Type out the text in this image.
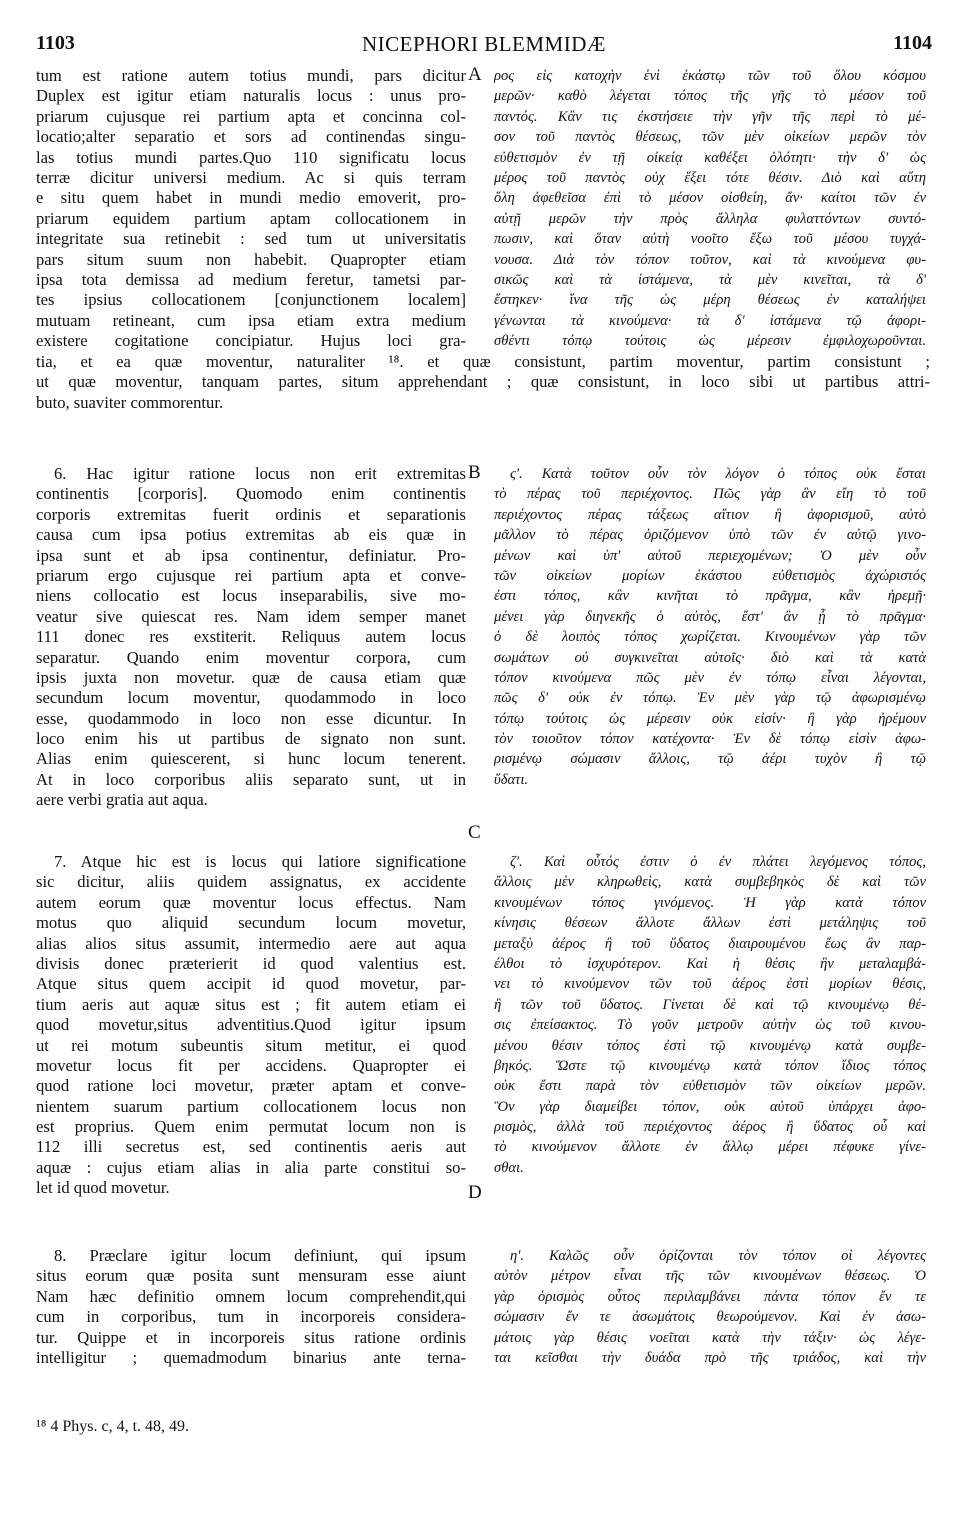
1103	NICEPHORI BLEMMIDÆ	1104
tum est ratione autem totius mundi, pars dicitur
Duplex est igitur etiam naturalis locus : unus pro-
priarum cujusque rei partium apta et concinna col-
locatio;alter separatio et sors ad continendas singu-
las totius mundi partes.Quo 110 significatu locus
terræ dicitur universi medium. Ac si quis terram
e situ quem habet in mundi medio emoverit, pro-
priarum equidem partium aptam collocationem in
integritate sua retinebit : sed tum ut universitatis
pars situm suum non habebit. Quapropter etiam
ipsa tota demissa ad medium feretur, tametsi par-
tes ipsius collocationem [conjunctionem localem]
mutuam retineant, cum ipsa etiam extra medium
existere cogitatione concipiatur. Hujus loci gra-
A ρος εἰς κατοχὴν ἑνὶ ἑκάστῳ τῶν τοῦ ὅλου κόσμου
μερῶν· καθὸ λέγεται τόπος τῆς γῆς τὸ μέσον τοῦ
παντός. Κἂν τις ἐκστήσειε τὴν γῆν τῆς περὶ τὸ μέ-
σον τοῦ παντὸς θέσεως, τῶν μὲν οἰκείων μερῶν τὸν
εὐθετισμὸν ἐν τῇ οἰκείᾳ καθέξει ὁλότητι· τὴν δ' ὡς
μέρος τοῦ παντὸς οὐχ ἕξει τότε θέσιν. Διὸ καὶ αὕτη
ὅλη ἀφεθεῖσα ἐπὶ τὸ μέσον οἰσθείη, ἄν· καίτοι τῶν ἐν
αὐτῇ μερῶν τὴν πρὸς ἄλληλα φυλαττόντων συντό-
πωσιν, καὶ ὅταν αὐτὴ νοοῖτο ἔξω τοῦ μέσου τυγχά-
νουσα. Διὰ τὸν τόπον τοῦτον, καὶ τὰ κινούμενα φυ-
σικῶς καὶ τὰ ἱστάμενα, τὰ μὲν κινεῖται, τὰ δ'
ἕστηκεν· ἵνα τῆς ὡς μέρη θέσεως ἐν καταλήψει
γένωνται τὰ κινούμενα· τὰ δ' ἱστάμενα τῷ ἀφορι-
σθέντι τόπῳ τούτοις ὡς μέρεσιν ἐμφιλοχωροῦνται.
tia, et ea quæ moventur, naturaliter ¹⁸. et quæ consistunt, partim moventur, partim consistunt ;
ut quæ moventur, tanquam partes, situm apprehendant ; quæ consistunt, in loco sibi ut partibus attri-
buto, suaviter commorentur.
6. Hac igitur ratione locus non erit extremitas
continentis [corporis]. Quomodo enim continentis
corporis extremitas fuerit ordinis et separationis
causa cum ipsa potius extremitas ab eis quæ in
ipsa sunt et ab ipsa continentur, definiatur. Pro-
priarum ergo cujusque rei partium apta et conve-
niens collocatio est locus inseparabilis, sive mo-
veatur sive quiescat res. Nam idem semper manet
111 donec res exstiterit. Reliquus autem locus
separatur. Quando enim moventur corpora, cum
ipsis juxta non movetur. quæ de causa etiam quæ
secundum locum moventur, quodammodo in loco
esse, quodammodo in loco non esse dicuntur. In
loco enim his ut partibus de signato non sunt.
Alias enim quiescerent, si hunc locum tenerent.
At in loco corporibus aliis separato sunt, ut in
aere verbi gratia aut aqua.
B	ς'. Κατὰ τοῦτον οὖν τὸν λόγον ὁ τόπος οὐκ ἔσται
τὸ πέρας τοῦ περιέχοντος. Πῶς γὰρ ἂν εἴη τὸ τοῦ
περιέχοντος πέρας τάξεως αἴτιον ἢ ἀφορισμοῦ, αὐτὸ
μᾶλλον τὸ πέρας ὁριζόμενον ὑπὸ τῶν ἐν αὐτῷ γινο-
μένων καὶ ὑπ' αὐτοῦ περιεχομένων; Ὁ μὲν οὖν
τῶν οἰκείων μορίων ἑκάστου εὐθετισμὸς ἀχώριστός
ἐστι τόπος, κἂν κινῆται τὸ πρᾶγμα, κἂν ἠρεμῇ·
μένει γὰρ διηνεκῆς ὁ αὐτὸς, ἔστ' ἂν ᾖ τὸ πρᾶγμα·
ὁ δὲ λοιπὸς τόπος χωρίζεται. Κινουμένων γὰρ τῶν
σωμάτων οὐ συγκινεῖται αὐτοῖς· διὸ καὶ τὰ κατὰ
τόπον κινούμενα πῶς μὲν ἐν τόπῳ εἶναι λέγονται,
πῶς δ' οὐκ ἐν τόπῳ. Ἐν μὲν γὰρ τῷ ἀφωρισμένῳ
τόπῳ τούτοις ὡς μέρεσιν οὐκ εἰσίν· ἢ γὰρ ἠρέμουν
τὸν τοιοῦτον τόπον κατέχοντα· Ἐν δὲ τόπῳ εἰσὶν ἀφω-
ρισμένῳ σώμασιν ἄλλοις, τῷ ἀέρι τυχὸν ἢ τῷ
ὕδατι.
C
7. Atque hic est is locus qui latiore significatione
sic dicitur, aliis quidem assignatus, ex accidente
autem eorum quæ moventur locus effectus. Nam
motus quo aliquid secundum locum movetur,
alias alios situs assumit, intermedio aere aut aqua
divisis donec præterierit id quod valentius est.
Atque situs quem accipit id quod movetur, par-
tium aeris aut aquæ situs est ; fit autem etiam ei
quod movetur,situs adventitius.Quod igitur ipsum
ut rei motum subeuntis situm metitur, ei quod
movetur locus fit per accidens. Quapropter ei
quod ratione loci movetur, præter aptam et conve-
nientem suarum partium collocationem locus non
est proprius. Quem enim permutat locum non is
112 illi secretus est, sed continentis aeris aut
aquæ : cujus etiam alias in alia parte constitui so-
let id quod movetur.
ζ'. Καὶ οὗτός ἐστιν ὁ ἐν πλάτει λεγόμενος τόπος,
ἄλλοις μὲν κληρωθεὶς, κατὰ συμβεβηκὸς δὲ καὶ τῶν
κινουμένων τόπος γινόμενος. Ἡ γὰρ κατὰ τόπον
κίνησις θέσεων ἄλλοτε ἄλλων ἐστὶ μετάληψις τοῦ
μεταξὺ ἀέρος ἢ τοῦ ὕδατος διαιρουμένου ἕως ἂν παρ-
έλθοι τὸ ἰσχυρότερον. Καὶ ἡ θέσις ἣν μεταλαμβά-
νει τὸ κινούμενον τῶν τοῦ ἀέρος ἐστὶ μορίων θέσις,
ἢ τῶν τοῦ ὕδατος. Γίνεται δὲ καὶ τῷ κινουμένῳ θέ-
σις ἐπείσακτος. Τὸ γοῦν μετροῦν αὐτὴν ὡς τοῦ κινου-
μένου θέσιν τόπος ἐστὶ τῷ κινουμένῳ κατὰ συμβε-
βηκός. Ὥστε τῷ κινουμένῳ κατὰ τόπον ἴδιος τόπος
οὐκ ἔστι παρὰ τὸν εὐθετισμὸν τῶν οἰκείων μερῶν.
Ὃν γὰρ διαμείβει τόπον, οὐκ αὐτοῦ ὑπάρχει ἀφο-
ρισμὸς, ἀλλὰ τοῦ περιέχοντος ἀέρος ἢ ὕδατος οὗ καὶ
τὸ κινούμενον ἄλλοτε ἐν ἄλλῳ μέρει πέφυκε γίνε-
σθαι.
D
8. Præclare igitur locum definiunt, qui ipsum
situs eorum quæ posita sunt mensuram esse aiunt
Nam hæc definitio omnem locum comprehendit,qui
cum in corporibus, tum in incorporeis considera-
tur. Quippe et in incorporeis situs ratione ordinis
intelligitur ; quemadmodum binarius ante terna-
η'. Καλῶς οὖν ὁρίζονται τὸν τόπον οἱ λέγοντες
αὐτὸν μέτρον εἶναι τῆς τῶν κινουμένων θέσεως. Ὁ
γὰρ ὁρισμὸς οὗτος περιλαμβάνει πάντα τόπον ἔν τε
σώμασιν ἔν τε ἀσωμάτοις θεωρούμενον. Καὶ ἐν ἀσω-
μάτοις γὰρ θέσις νοεῖται κατὰ τὴν τάξιν· ὡς λέγε-
ται κεῖσθαι τὴν δυάδα πρὸ τῆς τριάδος, καὶ τὴν
¹⁸ 4 Phys. c, 4, t. 48, 49.
